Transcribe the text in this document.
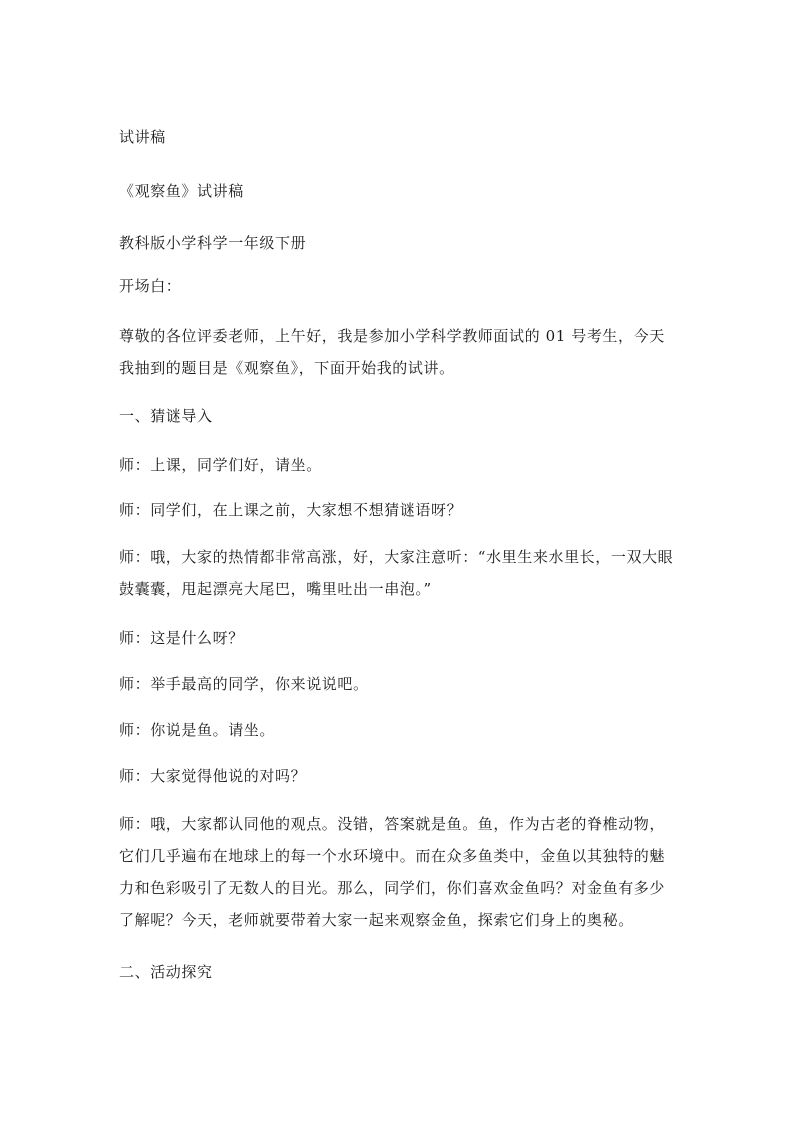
试讲稿

《观察鱼》试讲稿

教科版小学科学一年级下册

开场白：

尊敬的各位评委老师，上午好，我是参加小学科学教师面试的 01 号考生，今天我抽到的题目是《观察鱼》，下面开始我的试讲。

一、猜谜导入

师：上课，同学们好，请坐。

师：同学们，在上课之前，大家想不想猜谜语呀？

师：哦，大家的热情都非常高涨，好，大家注意听：“水里生来水里长，一双大眼鼓囊囊，甩起漂亮大尾巴，嘴里吐出一串泡。”

师：这是什么呀？

师：举手最高的同学，你来说说吧。

师：你说是鱼。请坐。

师：大家觉得他说的对吗？

师：哦，大家都认同他的观点。没错，答案就是鱼。鱼，作为古老的脊椎动物，它们几乎遍布在地球上的每一个水环境中。而在众多鱼类中，金鱼以其独特的魅力和色彩吸引了无数人的目光。那么，同学们，你们喜欢金鱼吗？对金鱼有多少了解呢？今天，老师就要带着大家一起来观察金鱼，探索它们身上的奥秘。

二、活动探究
